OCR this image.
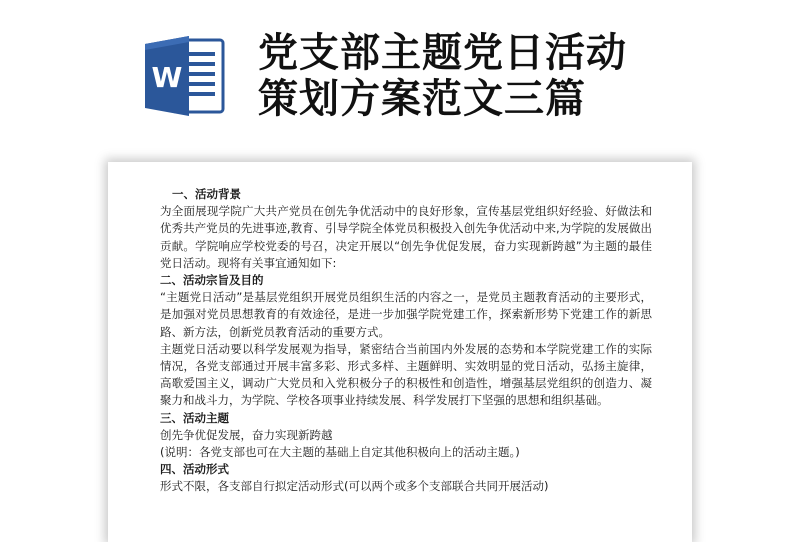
W
党支部主题党日活动
策划方案范文三篇

一、活动背景

为全面展现学院广大共产党员在创先争优活动中的良好形象，宣传基层党组织好经验、好做法和优秀共产党员的先进事迹,教育、引导学院全体党员积极投入创先争优活动中来,为学院的发展做出贡献。学院响应学校党委的号召，决定开展以“创先争优促发展，奋力实现新跨越”为主题的最佳党日活动。现将有关事宜通知如下:

二、活动宗旨及目的

“主题党日活动”是基层党组织开展党员组织生活的内容之一，是党员主题教育活动的主要形式，是加强对党员思想教育的有效途径，是进一步加强学院党建工作，探索新形势下党建工作的新思路、新方法，创新党员教育活动的重要方式。

主题党日活动要以科学发展观为指导，紧密结合当前国内外发展的态势和本学院党建工作的实际情况，各党支部通过开展丰富多彩、形式多样、主题鲜明、实效明显的党日活动，弘扬主旋律，高歌爱国主义，调动广大党员和入党积极分子的积极性和创造性，增强基层党组织的创造力、凝聚力和战斗力，为学院、学校各项事业持续发展、科学发展打下坚强的思想和组织基础。

三、活动主题

创先争优促发展，奋力实现新跨越

(说明：各党支部也可在大主题的基础上自定其他积极向上的活动主题。)

四、活动形式

形式不限，各支部自行拟定活动形式(可以两个或多个支部联合共同开展活动)
